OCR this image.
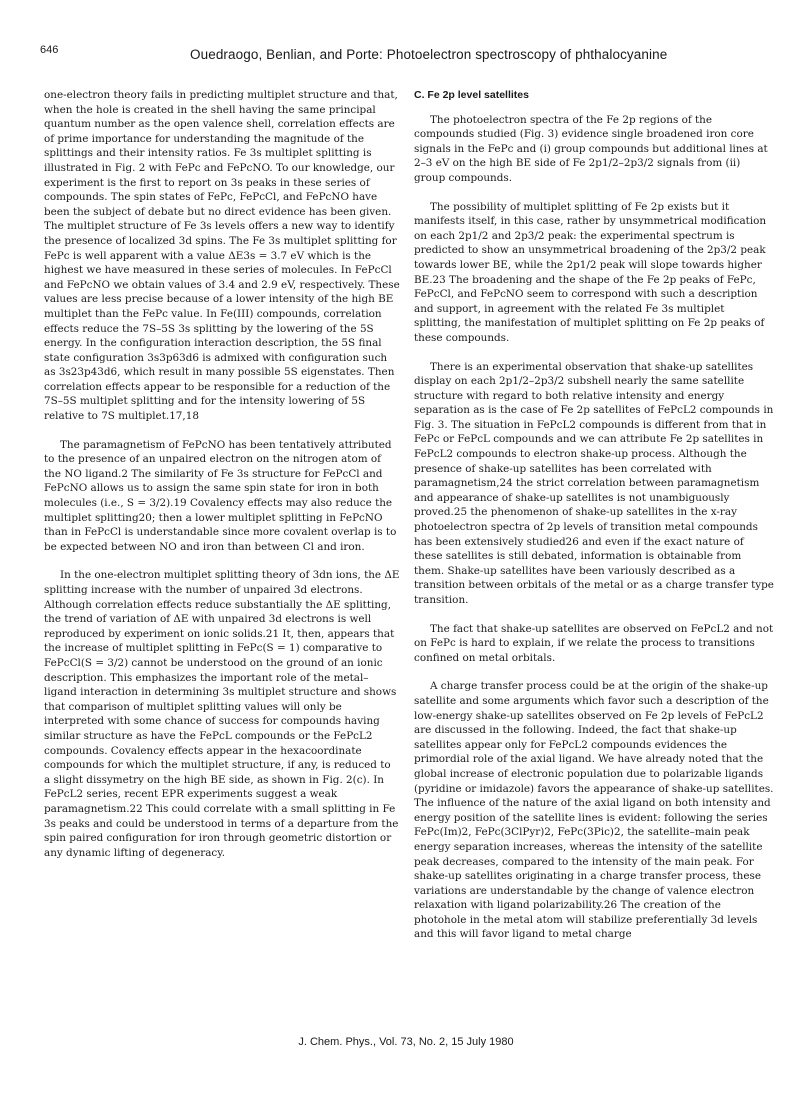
646	Ouedraogo, Benlian, and Porte: Photoelectron spectroscopy of phthalocyanine

one-electron theory fails in predicting multiplet structure and that, when the hole is created in the shell having the same principal quantum number as the open valence shell, correlation effects are of prime importance for understanding the magnitude of the splittings and their intensity ratios. Fe 3s multiplet splitting is illustrated in Fig. 2 with FePc and FePcNO. To our knowledge, our experiment is the first to report on 3s peaks in these series of compounds. The spin states of FePc, FePcCl, and FePcNO have been the subject of debate but no direct evidence has been given. The multiplet structure of Fe 3s levels offers a new way to identify the presence of localized 3d spins. The Fe 3s multiplet splitting for FePc is well apparent with a value ΔE3s = 3.7 eV which is the highest we have measured in these series of molecules. In FePcCl and FePcNO we obtain values of 3.4 and 2.9 eV, respectively. These values are less precise because of a lower intensity of the high BE multiplet than the FePc value. In Fe(III) compounds, correlation effects reduce the 7S–5S 3s splitting by the lowering of the 5S energy. In the configuration interaction description, the 5S final state configuration 3s3p63d6 is admixed with configuration such as 3s23p43d6, which result in many possible 5S eigenstates. Then correlation effects appear to be responsible for a reduction of the 7S–5S multiplet splitting and for the intensity lowering of 5S relative to 7S multiplet.17,18

The paramagnetism of FePcNO has been tentatively attributed to the presence of an unpaired electron on the nitrogen atom of the NO ligand.2 The similarity of Fe 3s structure for FePcCl and FePcNO allows us to assign the same spin state for iron in both molecules (i.e., S = 3/2).19 Covalency effects may also reduce the multiplet splitting20; then a lower multiplet splitting in FePcNO than in FePcCl is understandable since more covalent overlap is to be expected between NO and iron than between Cl and iron.

In the one-electron multiplet splitting theory of 3dn ions, the ΔE splitting increase with the number of unpaired 3d electrons. Although correlation effects reduce substantially the ΔE splitting, the trend of variation of ΔE with unpaired 3d electrons is well reproduced by experiment on ionic solids.21 It, then, appears that the increase of multiplet splitting in FePc(S = 1) comparative to FePcCl(S = 3/2) cannot be understood on the ground of an ionic description. This emphasizes the important role of the metal–ligand interaction in determining 3s multiplet structure and shows that comparison of multiplet splitting values will only be interpreted with some chance of success for compounds having similar structure as have the FePcL compounds or the FePcL2 compounds. Covalency effects appear in the hexacoordinate compounds for which the multiplet structure, if any, is reduced to a slight dissymetry on the high BE side, as shown in Fig. 2(c). In FePcL2 series, recent EPR experiments suggest a weak paramagnetism.22 This could correlate with a small splitting in Fe 3s peaks and could be understood in terms of a departure from the spin paired configuration for iron through geometric distortion or any dynamic lifting of degeneracy.

C. Fe 2p level satellites

The photoelectron spectra of the Fe 2p regions of the compounds studied (Fig. 3) evidence single broadened iron core signals in the FePc and (i) group compounds but additional lines at 2–3 eV on the high BE side of Fe 2p1/2–2p3/2 signals from (ii) group compounds.

The possibility of multiplet splitting of Fe 2p exists but it manifests itself, in this case, rather by unsymmetrical modification on each 2p1/2 and 2p3/2 peak: the experimental spectrum is predicted to show an unsymmetrical broadening of the 2p3/2 peak towards lower BE, while the 2p1/2 peak will slope towards higher BE.23 The broadening and the shape of the Fe 2p peaks of FePc, FePcCl, and FePcNO seem to correspond with such a description and support, in agreement with the related Fe 3s multiplet splitting, the manifestation of multiplet splitting on Fe 2p peaks of these compounds.

There is an experimental observation that shake-up satellites display on each 2p1/2–2p3/2 subshell nearly the same satellite structure with regard to both relative intensity and energy separation as is the case of Fe 2p satellites of FePcL2 compounds in Fig. 3. The situation in FePcL2 compounds is different from that in FePc or FePcL compounds and we can attribute Fe 2p satellites in FePcL2 compounds to electron shake-up process. Although the presence of shake-up satellites has been correlated with paramagnetism,24 the strict correlation between paramagnetism and appearance of shake-up satellites is not unambiguously proved.25 the phenomenon of shake-up satellites in the x-ray photoelectron spectra of 2p levels of transition metal compounds has been extensively studied26 and even if the exact nature of these satellites is still debated, information is obtainable from them. Shake-up satellites have been variously described as a transition between orbitals of the metal or as a charge transfer type transition.

The fact that shake-up satellites are observed on FePcL2 and not on FePc is hard to explain, if we relate the process to transitions confined on metal orbitals.

A charge transfer process could be at the origin of the shake-up satellite and some arguments which favor such a description of the low-energy shake-up satellites observed on Fe 2p levels of FePcL2 are discussed in the following. Indeed, the fact that shake-up satellites appear only for FePcL2 compounds evidences the primordial role of the axial ligand. We have already noted that the global increase of electronic population due to polarizable ligands (pyridine or imidazole) favors the appearance of shake-up satellites. The influence of the nature of the axial ligand on both intensity and energy position of the satellite lines is evident: following the series FePc(Im)2, FePc(3ClPyr)2, FePc(3Pic)2, the satellite–main peak energy separation increases, whereas the intensity of the satellite peak decreases, compared to the intensity of the main peak. For shake-up satellites originating in a charge transfer process, these variations are understandable by the change of valence electron relaxation with ligand polarizability.26 The creation of the photohole in the metal atom will stabilize preferentially 3d levels and this will favor ligand to metal charge

J. Chem. Phys., Vol. 73, No. 2, 15 July 1980
